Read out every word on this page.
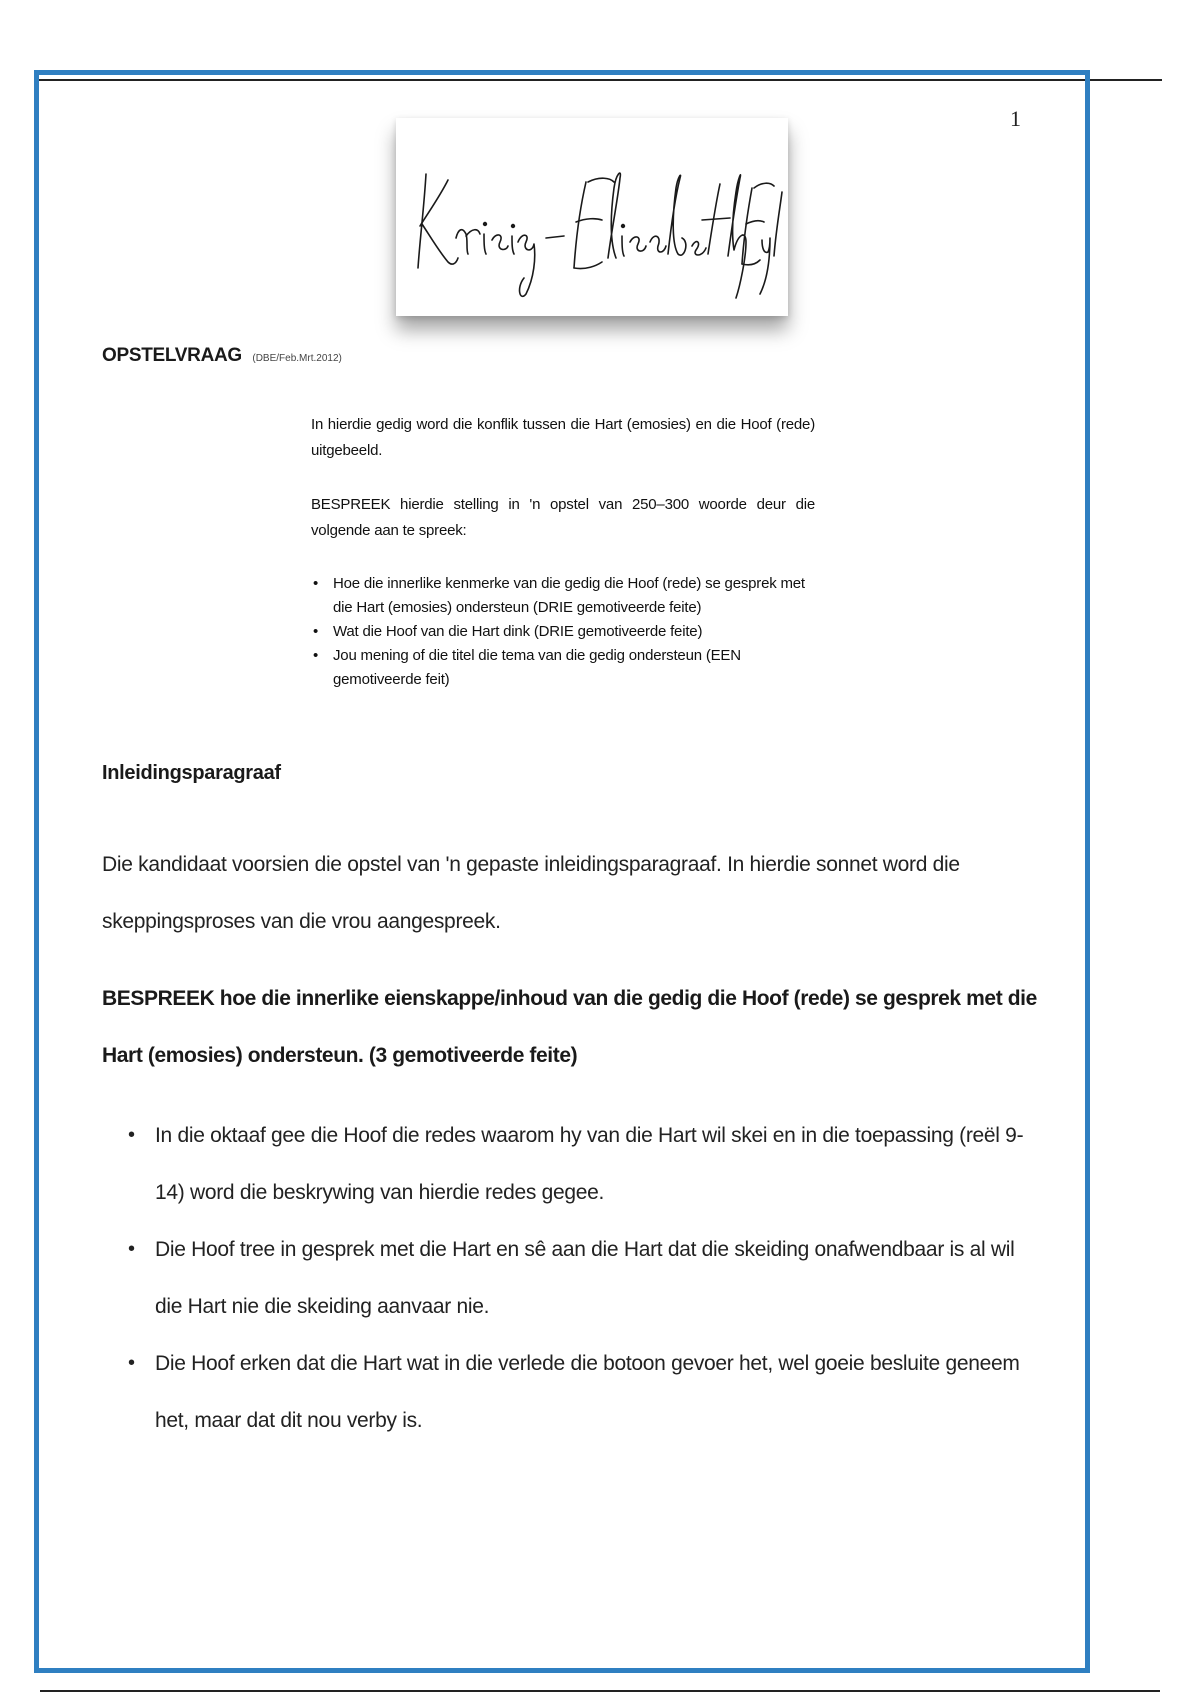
1
OPSTELVRAAG (DBE/Feb.Mrt.2012)

In hierdie gedig word die konflik tussen die Hart (emosies) en die Hoof (rede) uitgebeeld.

BESPREEK hierdie stelling in 'n opstel van 250–300 woorde deur die volgende aan te spreek:

• Hoe die innerlike kenmerke van die gedig die Hoof (rede) se gesprek met die Hart (emosies) ondersteun (DRIE gemotiveerde feite)
• Wat die Hoof van die Hart dink (DRIE gemotiveerde feite)
• Jou mening of die titel die tema van die gedig ondersteun (EEN gemotiveerde feit)
Inleidingsparagraaf
Die kandidaat voorsien die opstel van 'n gepaste inleidingsparagraaf. In hierdie sonnet word die skeppingsproses van die vrou aangespreek.
BESPREEK hoe die innerlike eienskappe/inhoud van die gedig die Hoof (rede) se gesprek met die Hart (emosies) ondersteun. (3 gemotiveerde feite)
• In die oktaaf gee die Hoof die redes waarom hy van die Hart wil skei en in die toepassing (reël 9-14) word die beskrywing van hierdie redes gegee.
• Die Hoof tree in gesprek met die Hart en sê aan die Hart dat die skeiding onafwendbaar is al wil die Hart nie die skeiding aanvaar nie.
• Die Hoof erken dat die Hart wat in die verlede die botoon gevoer het, wel goeie besluite geneem het, maar dat dit nou verby is.
